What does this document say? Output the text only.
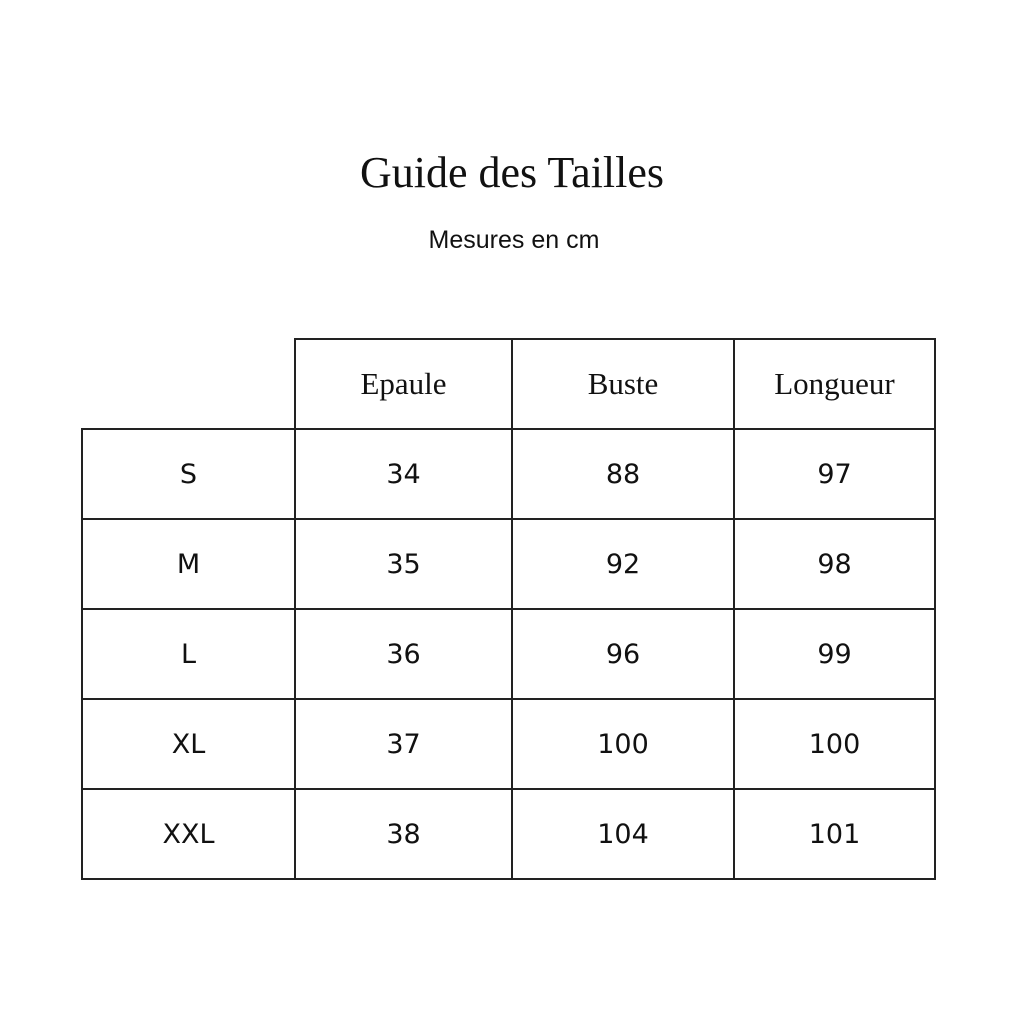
Guide des Tailles

Mesures en cm

	Epaule	Buste	Longueur
S	34	88	97
M	35	92	98
L	36	96	99
XL	37	100	100
XXL	38	104	101
